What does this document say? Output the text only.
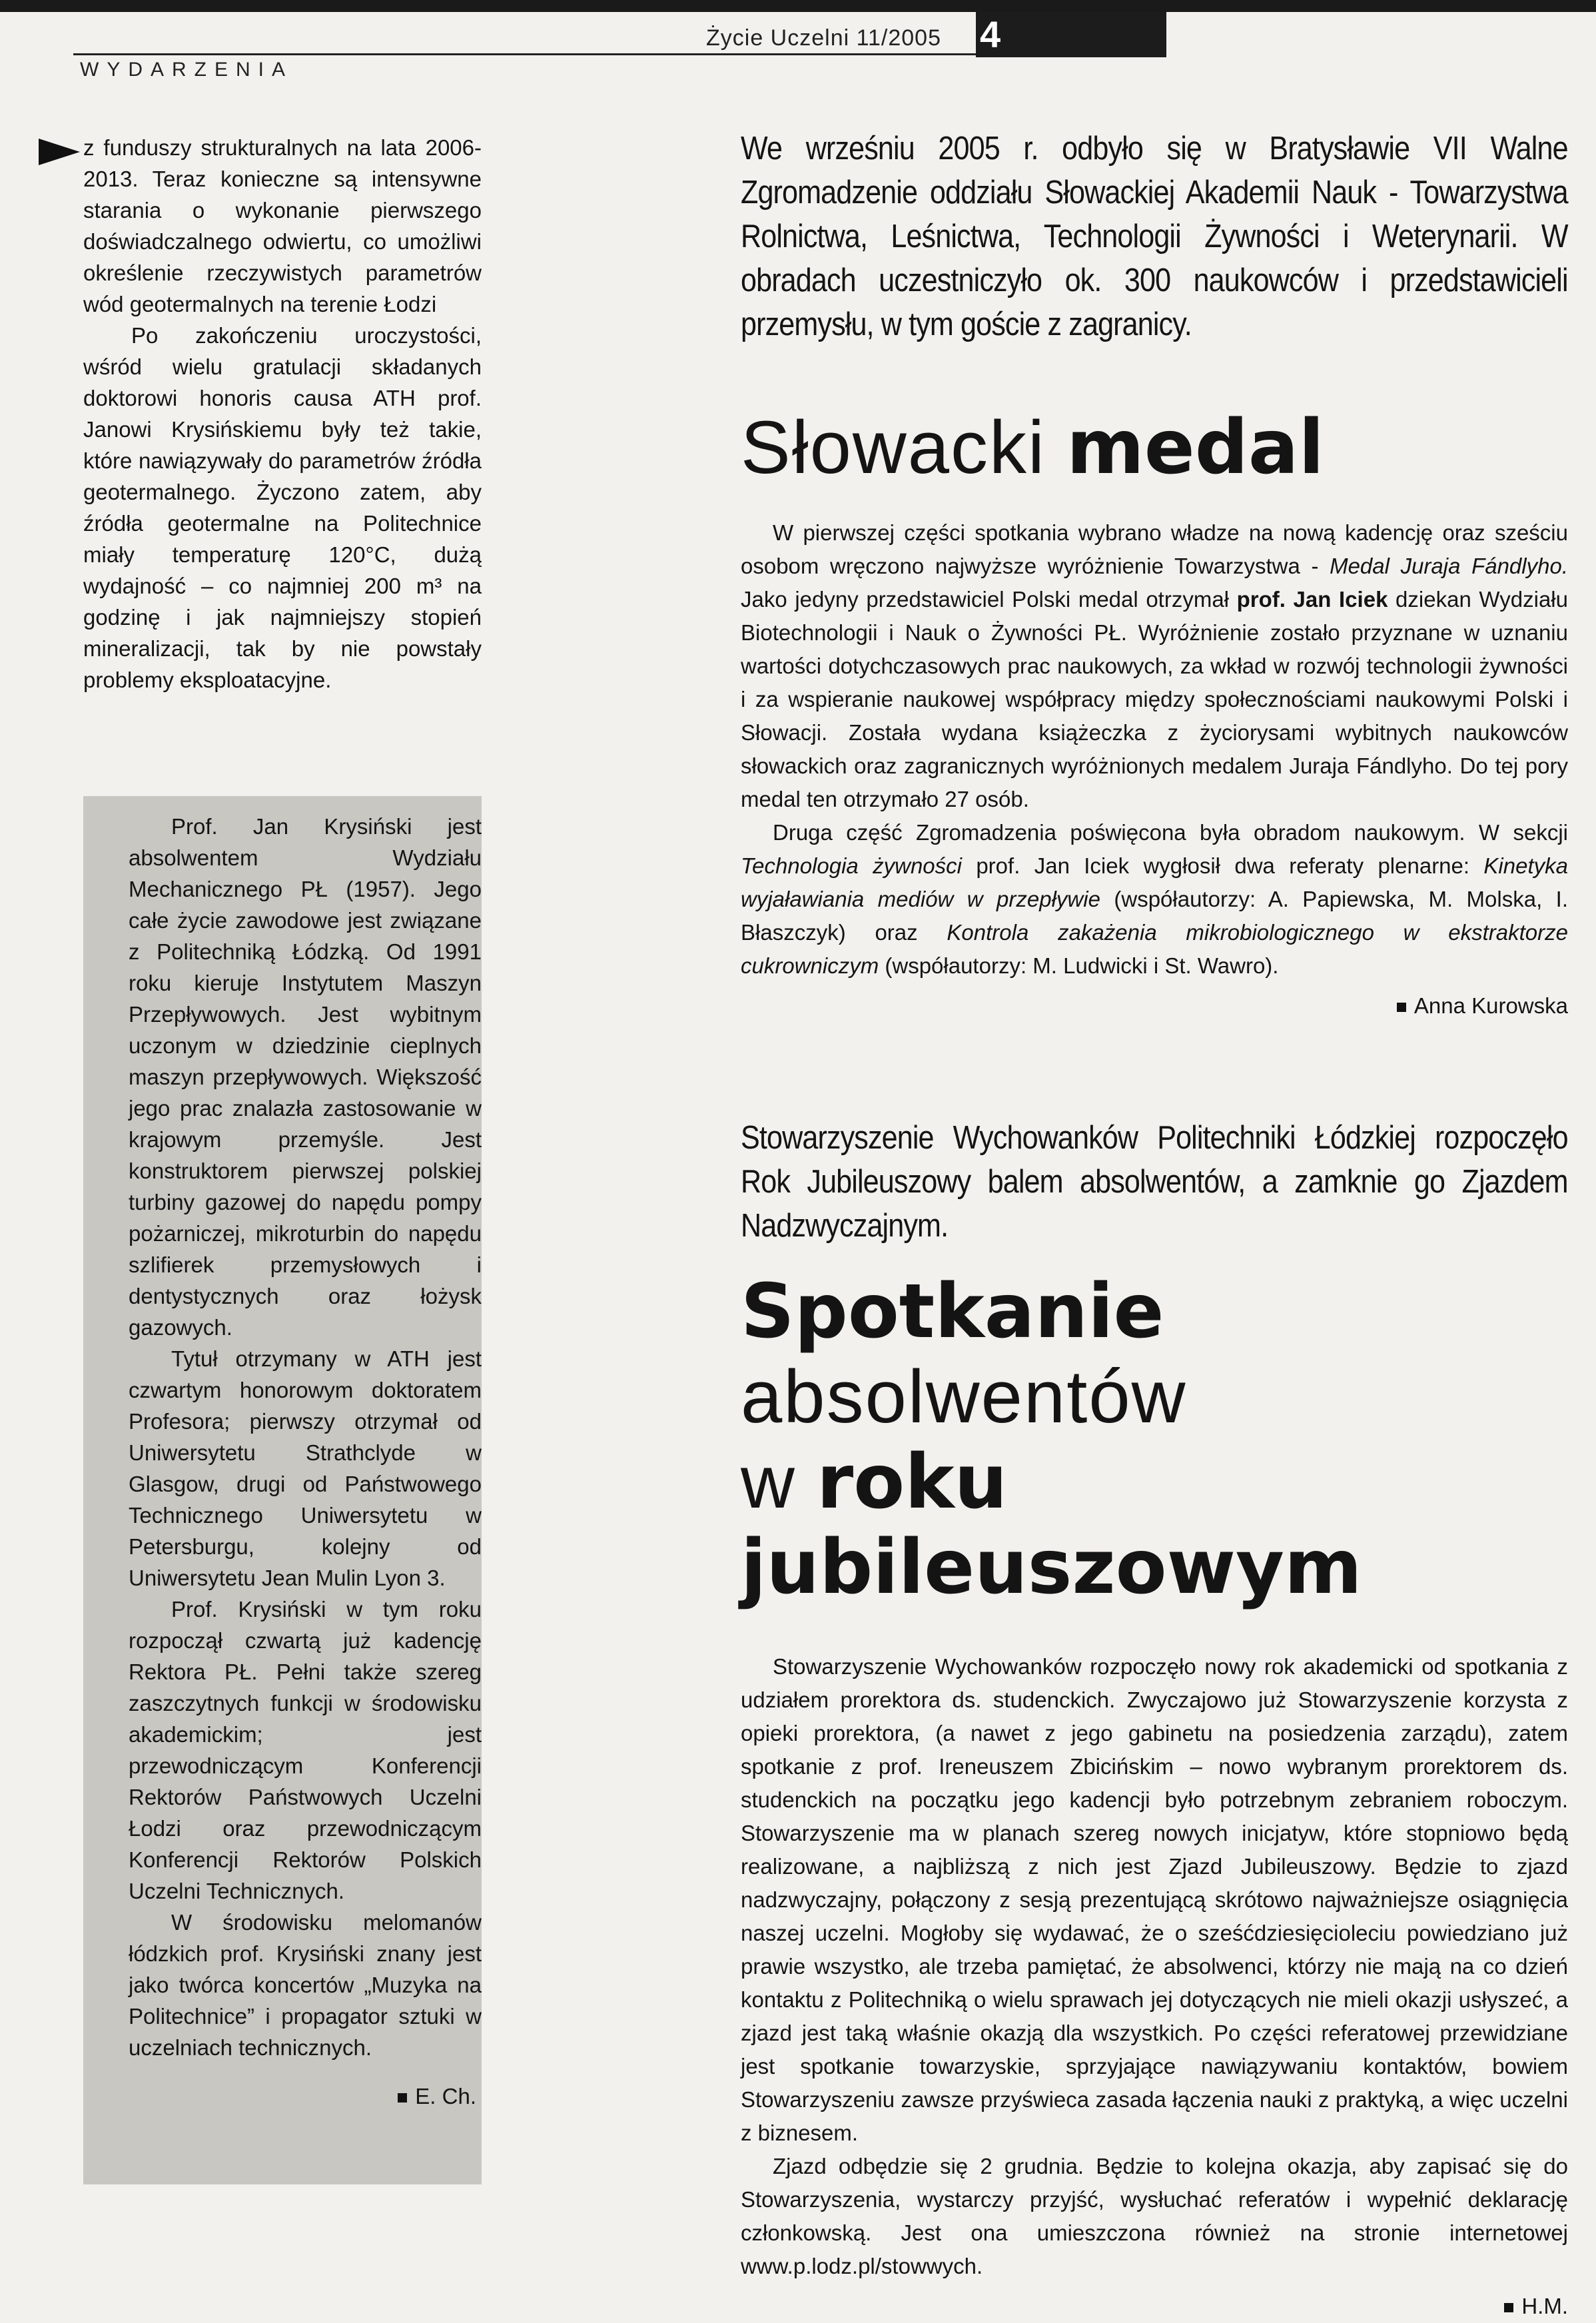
Życie Uczelni 11/2005 4
WYDARZENIA

z funduszy strukturalnych na lata 2006-2013. Teraz konieczne są intensywne starania o wykonanie pierwszego doświadczalnego odwiertu, co umożliwi określenie rzeczywistych parametrów wód geotermalnych na terenie Łodzi

Po zakończeniu uroczystości, wśród wielu gratulacji składanych doktorowi honoris causa ATH prof. Janowi Krysińskiemu były też takie, które nawiązywały do parametrów źródła geotermalnego. Życzono zatem, aby źródła geotermalne na Politechnice miały temperaturę 120°C, dużą wydajność – co najmniej 200 m³ na godzinę i jak najmniejszy stopień mineralizacji, tak by nie powstały problemy eksploatacyjne.

Prof. Jan Krysiński jest absolwentem Wydziału Mechanicznego PŁ (1957). Jego całe życie zawodowe jest związane z Politechniką Łódzką. Od 1991 roku kieruje Instytutem Maszyn Przepływowych. Jest wybitnym uczonym w dziedzinie cieplnych maszyn przepływowych. Większość jego prac znalazła zastosowanie w krajowym przemyśle. Jest konstruktorem pierwszej polskiej turbiny gazowej do napędu pompy pożarniczej, mikroturbin do napędu szlifierek przemysłowych i dentystycznych oraz łożysk gazowych.

Tytuł otrzymany w ATH jest czwartym honorowym doktoratem Profesora; pierwszy otrzymał od Uniwersytetu Strathclyde w Glasgow, drugi od Państwowego Technicznego Uniwersytetu w Petersburgu, kolejny od Uniwersytetu Jean Mulin Lyon 3.

Prof. Krysiński w tym roku rozpoczął czwartą już kadencję Rektora PŁ. Pełni także szereg zaszczytnych funkcji w środowisku akademickim; jest przewodniczącym Konferencji Rektorów Państwowych Uczelni Łodzi oraz przewodniczącym Konferencji Rektorów Polskich Uczelni Technicznych.

W środowisku melomanów łódzkich prof. Krysiński znany jest jako twórca koncertów „Muzyka na Politechnice” i propagator sztuki w uczelniach technicznych.

E. Ch.

We wrześniu 2005 r. odbyło się w Bratysławie VII Walne Zgromadzenie oddziału Słowackiej Akademii Nauk - Towarzystwa Rolnictwa, Leśnictwa, Technologii Żywności i Weterynarii. W obradach uczestniczyło ok. 300 naukowców i przedstawicieli przemysłu, w tym goście z zagranicy.

Słowacki medal

W pierwszej części spotkania wybrano władze na nową kadencję oraz sześciu osobom wręczono najwyższe wyróżnienie Towarzystwa - Medal Juraja Fándlyho. Jako jedyny przedstawiciel Polski medal otrzymał prof. Jan Iciek dziekan Wydziału Biotechnologii i Nauk o Żywności PŁ. Wyróżnienie zostało przyznane w uznaniu wartości dotychczasowych prac naukowych, za wkład w rozwój technologii żywności i za wspieranie naukowej współpracy między społecznościami naukowymi Polski i Słowacji. Została wydana książeczka z życiorysami wybitnych naukowców słowackich oraz zagranicznych wyróżnionych medalem Juraja Fándlyho. Do tej pory medal ten otrzymało 27 osób.

Druga część Zgromadzenia poświęcona była obradom naukowym. W sekcji Technologia żywności prof. Jan Iciek wygłosił dwa referaty plenarne: Kinetyka wyjaławiania mediów w przepływie (współautorzy: A. Papiewska, M. Molska, I. Błaszczyk) oraz Kontrola zakażenia mikrobiologicznego w ekstraktorze cukrowniczym (współautorzy: M. Ludwicki i St. Wawro).

Anna Kurowska

Stowarzyszenie Wychowanków Politechniki Łódzkiej rozpoczęło Rok Jubileuszowy balem absolwentów, a zamknie go Zjazdem Nadzwyczajnym.

Spotkanie absolwentów
w roku jubileuszowym

Stowarzyszenie Wychowanków rozpoczęło nowy rok akademicki od spotkania z udziałem prorektora ds. studenckich. Zwyczajowo już Stowarzyszenie korzysta z opieki prorektora, (a nawet z jego gabinetu na posiedzenia zarządu), zatem spotkanie z prof. Ireneuszem Zbicińskim – nowo wybranym prorektorem ds. studenckich na początku jego kadencji było potrzebnym zebraniem roboczym. Stowarzyszenie ma w planach szereg nowych inicjatyw, które stopniowo będą realizowane, a najbliższą z nich jest Zjazd Jubileuszowy. Będzie to zjazd nadzwyczajny, połączony z sesją prezentującą skrótowo najważniejsze osiągnięcia naszej uczelni. Mogłoby się wydawać, że o sześćdziesięcioleciu powiedziano już prawie wszystko, ale trzeba pamiętać, że absolwenci, którzy nie mają na co dzień kontaktu z Politechniką o wielu sprawach jej dotyczących nie mieli okazji usłyszeć, a zjazd jest taką właśnie okazją dla wszystkich. Po części referatowej przewidziane jest spotkanie towarzyskie, sprzyjające nawiązywaniu kontaktów, bowiem Stowarzyszeniu zawsze przyświeca zasada łączenia nauki z praktyką, a więc uczelni z biznesem.

Zjazd odbędzie się 2 grudnia. Będzie to kolejna okazja, aby zapisać się do Stowarzyszenia, wystarczy przyjść, wysłuchać referatów i wypełnić deklarację członkowską. Jest ona umieszczona również na stronie internetowej www.p.lodz.pl/stowwych.

H.M.
